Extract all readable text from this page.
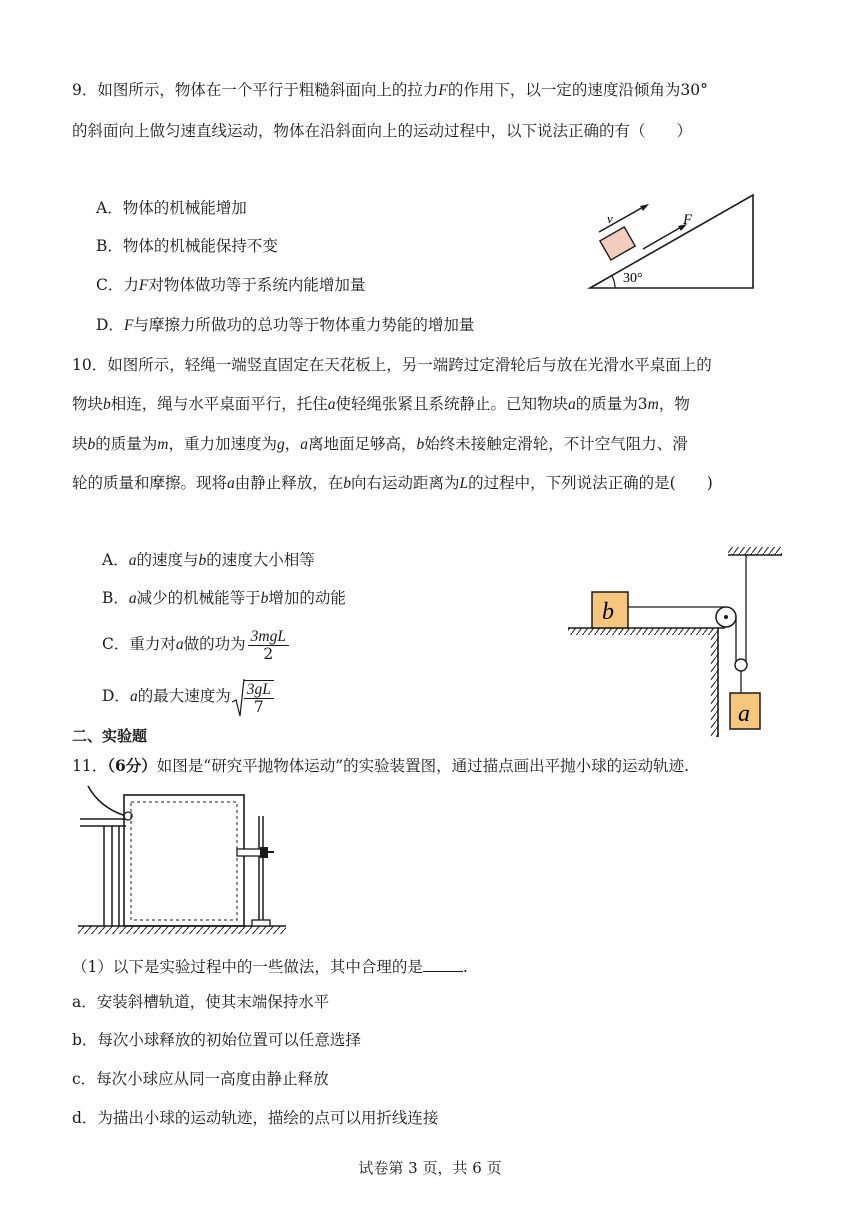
9．如图所示，物体在一个平行于粗糙斜面向上的拉力F的作用下，以一定的速度沿倾角为30°
的斜面向上做匀速直线运动，物体在沿斜面向上的运动过程中，以下说法正确的有（　　）
A．物体的机械能增加
B．物体的机械能保持不变
C．力F对物体做功等于系统内能增加量
D．F与摩擦力所做功的总功等于物体重力势能的增加量
v	F
30°
10．如图所示，轻绳一端竖直固定在天花板上，另一端跨过定滑轮后与放在光滑水平桌面上的
物块b相连，绳与水平桌面平行，托住a使轻绳张紧且系统静止。已知物块a的质量为3m，物
块b的质量为m，重力加速度为g，a离地面足够高，b始终未接触定滑轮，不计空气阻力、滑
轮的质量和摩擦。现将a由静止释放，在b向右运动距离为L的过程中，下列说法正确的是(　　)
A．a的速度与b的速度大小相等
B．a减少的机械能等于b增加的动能
C．重力对a做的功为 $\frac{\text{3mgL}}{2}$
D．a的最大速度为 $\frac{3gL}{7}$
b
a
二、实验题
11．（6分）如图是“研究平抛物体运动”的实验装置图，通过描点画出平抛小球的运动轨迹.
（1）以下是实验过程中的一些做法，其中合理的是	.
a．安装斜槽轨道，使其末端保持水平
b．每次小球释放的初始位置可以任意选择
c．每次小球应从同一高度由静止释放
d．为描出小球的运动轨迹，描绘的点可以用折线连接
试卷第 3 页，共 6 页
